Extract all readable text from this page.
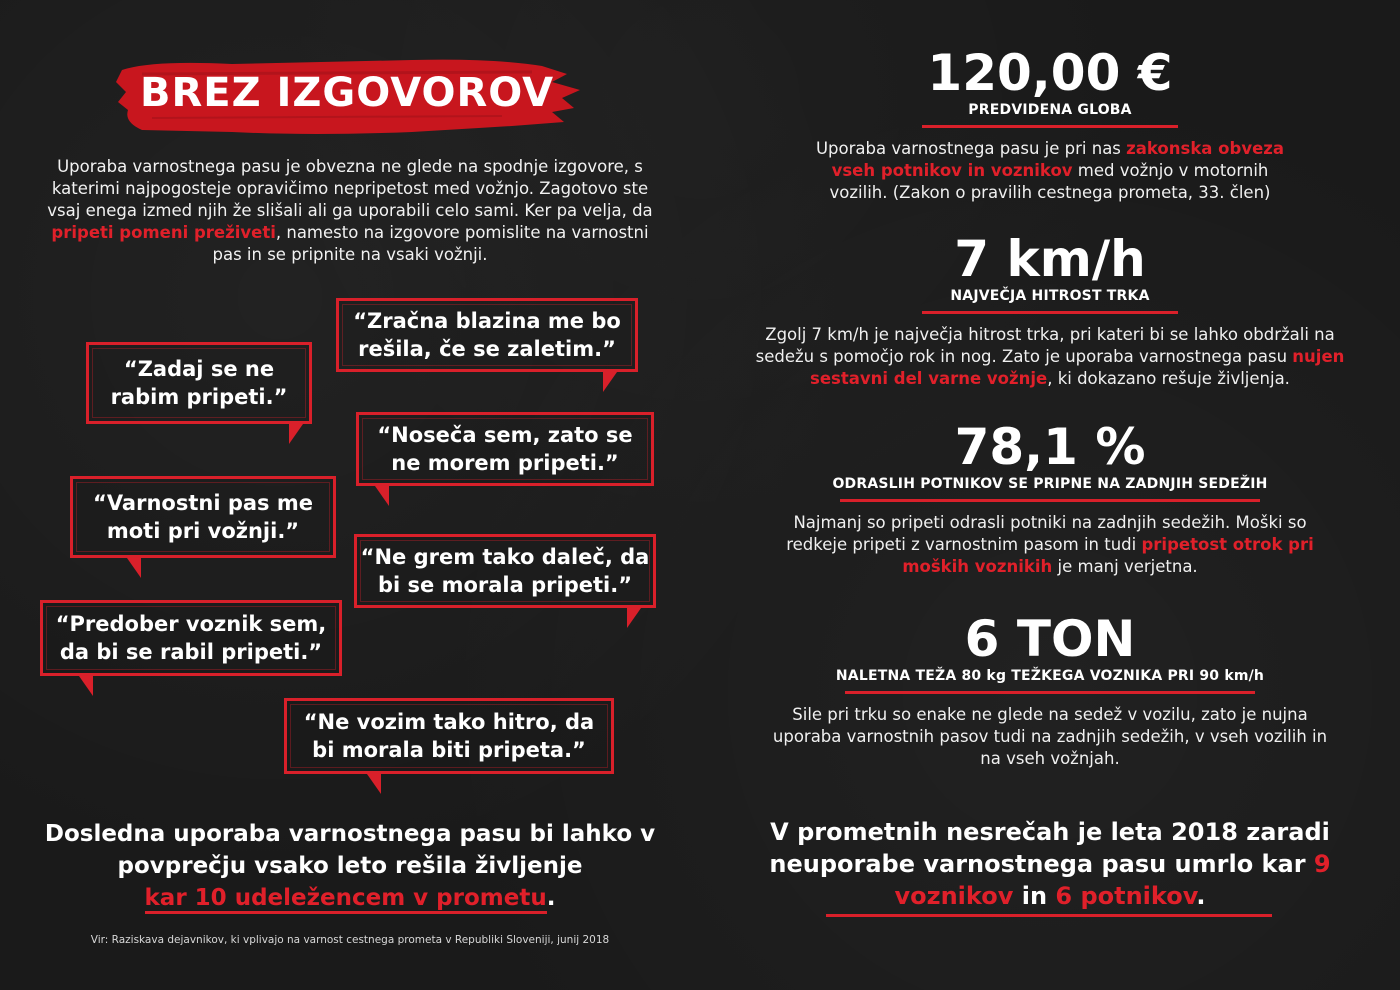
BREZ IZGOVOROV
Uporaba varnostnega pasu je obvezna ne glede na spodnje izgovore, s katerimi najpogosteje opravičimo nepripetost med vožnjo. Zagotovo ste vsaj enega izmed njih že slišali ali ga uporabili celo sami. Ker pa velja, da pripeti pomeni preživeti, namesto na izgovore pomislite na varnostni pas in se pripnite na vsaki vožnji.
“Zračna blazina me bo rešila, če se zaletim.”
“Zadaj se ne rabim pripeti.”
“Noseča sem, zato se ne morem pripeti.”
“Varnostni pas me moti pri vožnji.”
“Ne grem tako daleč, da bi se morala pripeti.”
“Predober voznik sem, da bi se rabil pripeti.”
“Ne vozim tako hitro, da bi morala biti pripeta.”
Dosledna uporaba varnostnega pasu bi lahko v povprečju vsako leto rešila življenje
kar 10 udeležencem v prometu.
Vir: Raziskava dejavnikov, ki vplivajo na varnost cestnega prometa v Republiki Sloveniji, junij 2018
120,00 €
PREDVIDENA GLOBA
Uporaba varnostnega pasu je pri nas zakonska obveza vseh potnikov in voznikov med vožnjo v motornih vozilih. (Zakon o pravilih cestnega prometa, 33. člen)
7 km/h
NAJVEČJA HITROST TRKA
Zgolj 7 km/h je največja hitrost trka, pri kateri bi se lahko obdržali na sedežu s pomočjo rok in nog. Zato je uporaba varnostnega pasu nujen sestavni del varne vožnje, ki dokazano rešuje življenja.
78,1 %
ODRASLIH POTNIKOV SE PRIPNE NA ZADNJIH SEDEŽIH
Najmanj so pripeti odrasli potniki na zadnjih sedežih. Moški so redkeje pripeti z varnostnim pasom in tudi pripetost otrok pri moških voznikih je manj verjetna.
6 TON
NALETNA TEŽA 80 kg TEŽKEGA VOZNIKA PRI 90 km/h
Sile pri trku so enake ne glede na sedež v vozilu, zato je nujna uporaba varnostnih pasov tudi na zadnjih sedežih, v vseh vozilih in na vseh vožnjah.
V prometnih nesrečah je leta 2018 zaradi neuporabe varnostnega pasu umrlo kar 9 voznikov in 6 potnikov.
